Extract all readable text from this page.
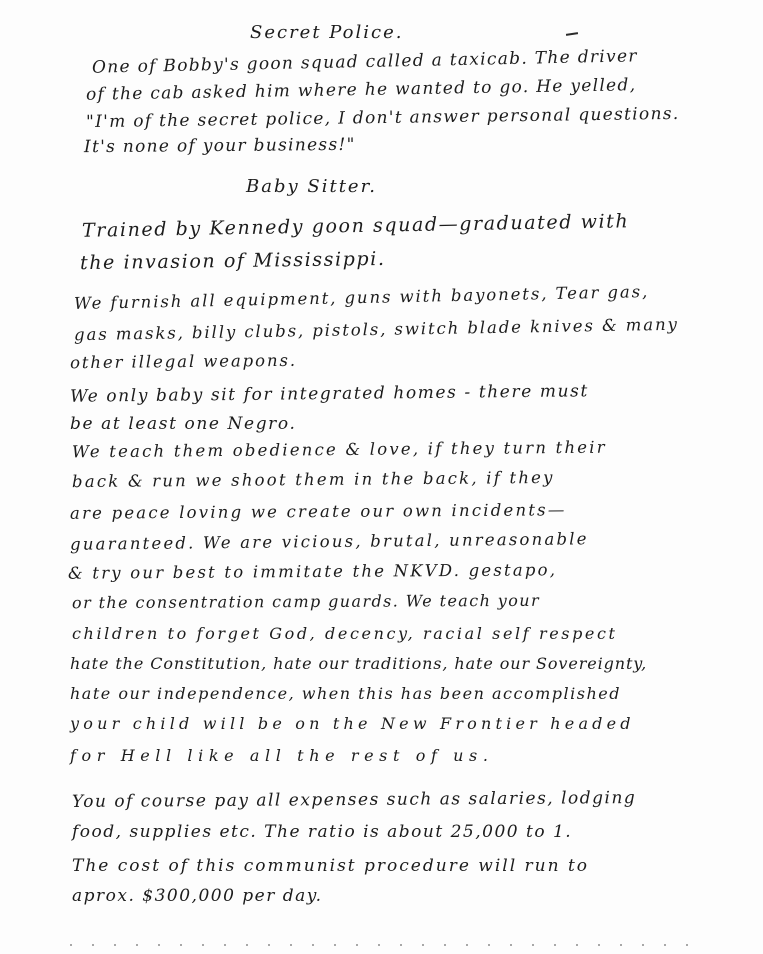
Secret Police.
One of Bobby's goon squad called a taxicab. The driver
of the cab asked him where he wanted to go. He yelled,
"I'm of the secret police, I don't answer personal questions.
It's none of your business!"
Baby Sitter.
Trained by Kennedy goon squad—graduated with
the invasion of Mississippi.
We furnish all equipment, guns with bayonets, Tear gas,
gas masks, billy clubs, pistols, switch blade knives & many
other illegal weapons.
We only baby sit for integrated homes - there must
be at least one Negro.
We teach them obedience & love, if they turn their
back & run we shoot them in the back, if they
are peace loving we create our own incidents—
guaranteed. We are vicious, brutal, unreasonable
& try our best to immitate the NKVD. gestapo,
or the consentration camp guards. We teach your
children to forget God, decency, racial self respect
hate the Constitution, hate our traditions, hate our Sovereignty,
hate our independence, when this has been accomplished
your child will be on the New Frontier headed
for Hell like all the rest of us.
You of course pay all expenses such as salaries, lodging
food, supplies etc. The ratio is about 25,000 to 1.
The cost of this communist procedure will run to
aprox. $300,000 per day.
